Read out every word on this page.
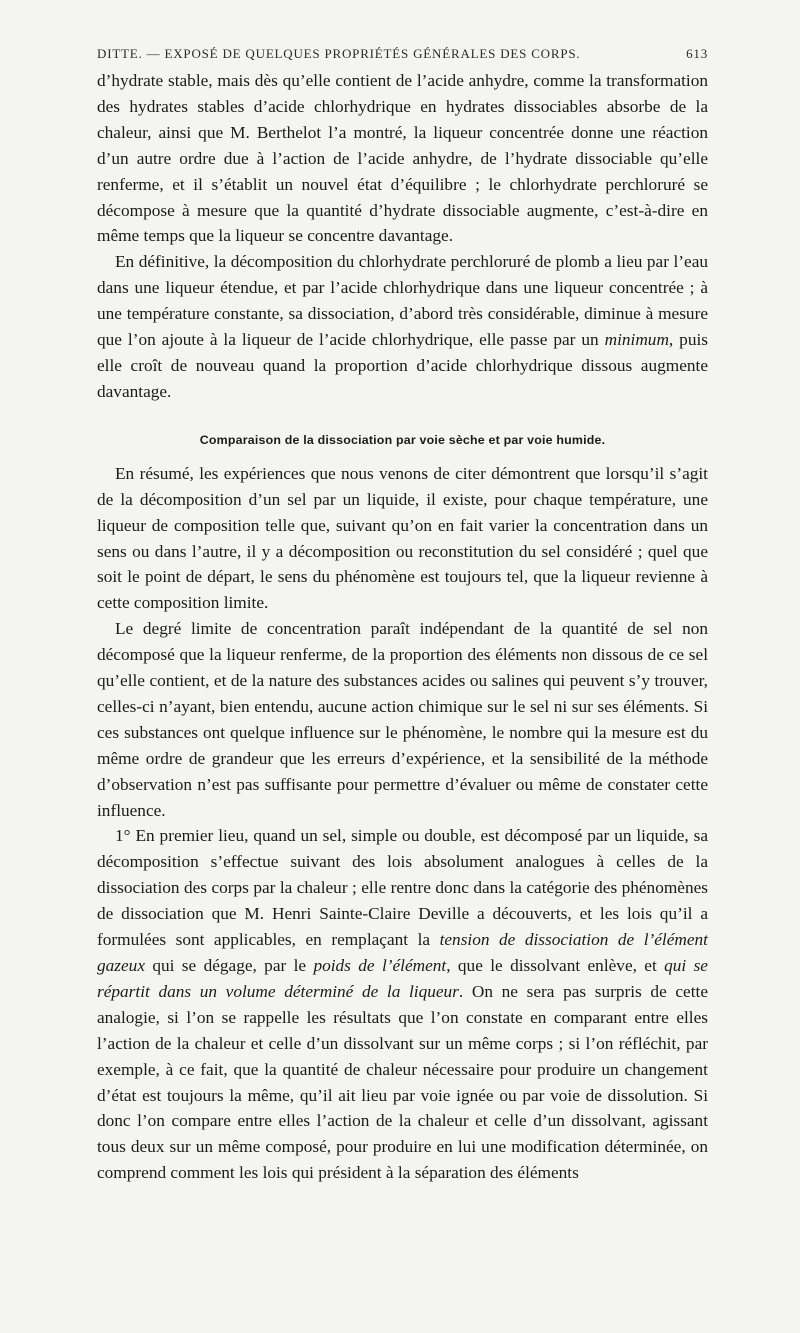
DITTE. — EXPOSÉ DE QUELQUES PROPRIÉTÉS GÉNÉRALES DES CORPS.	613

d’hydrate stable, mais dès qu’elle contient de l’acide anhydre, comme la transformation des hydrates stables d’acide chlorhydrique en hydrates dissociables absorbe de la chaleur, ainsi que M. Berthelot l’a montré, la liqueur concentrée donne une réaction d’un autre ordre due à l’action de l’acide anhydre, de l’hydrate dissociable qu’elle renferme, et il s’établit un nouvel état d’équilibre ; le chlorhydrate perchloruré se décompose à mesure que la quantité d’hydrate dissociable augmente, c’est-à-dire en même temps que la liqueur se concentre davantage.

En définitive, la décomposition du chlorhydrate perchloruré de plomb a lieu par l’eau dans une liqueur étendue, et par l’acide chlorhydrique dans une liqueur concentrée ; à une température constante, sa dissociation, d’abord très considérable, diminue à mesure que l’on ajoute à la liqueur de l’acide chlorhydrique, elle passe par un minimum, puis elle croît de nouveau quand la proportion d’acide chlorhydrique dissous augmente davantage.

Comparaison de la dissociation par voie sèche et par voie humide.

En résumé, les expériences que nous venons de citer démontrent que lorsqu’il s’agit de la décomposition d’un sel par un liquide, il existe, pour chaque température, une liqueur de composition telle que, suivant qu’on en fait varier la concentration dans un sens ou dans l’autre, il y a décomposition ou reconstitution du sel considéré ; quel que soit le point de départ, le sens du phénomène est toujours tel, que la liqueur revienne à cette composition limite.

Le degré limite de concentration paraît indépendant de la quantité de sel non décomposé que la liqueur renferme, de la proportion des éléments non dissous de ce sel qu’elle contient, et de la nature des substances acides ou salines qui peuvent s’y trouver, celles-ci n’ayant, bien entendu, aucune action chimique sur le sel ni sur ses éléments. Si ces substances ont quelque influence sur le phénomène, le nombre qui la mesure est du même ordre de grandeur que les erreurs d’expérience, et la sensibilité de la méthode d’observation n’est pas suffisante pour permettre d’évaluer ou même de constater cette influence.

1° En premier lieu, quand un sel, simple ou double, est décomposé par un liquide, sa décomposition s’effectue suivant des lois absolument analogues à celles de la dissociation des corps par la chaleur ; elle rentre donc dans la catégorie des phénomènes de dissociation que M. Henri Sainte-Claire Deville a découverts, et les lois qu’il a formulées sont applicables, en remplaçant la tension de dissociation de l’élément gazeux qui se dégage, par le poids de l’élément, que le dissolvant enlève, et qui se répartit dans un volume déterminé de la liqueur. On ne sera pas surpris de cette analogie, si l’on se rappelle les résultats que l’on constate en comparant entre elles l’action de la chaleur et celle d’un dissolvant sur un même corps ; si l’on réfléchit, par exemple, à ce fait, que la quantité de chaleur nécessaire pour produire un changement d’état est toujours la même, qu’il ait lieu par voie ignée ou par voie de dissolution. Si donc l’on compare entre elles l’action de la chaleur et celle d’un dissolvant, agissant tous deux sur un même composé, pour produire en lui une modification déterminée, on comprend comment les lois qui président à la séparation des éléments
